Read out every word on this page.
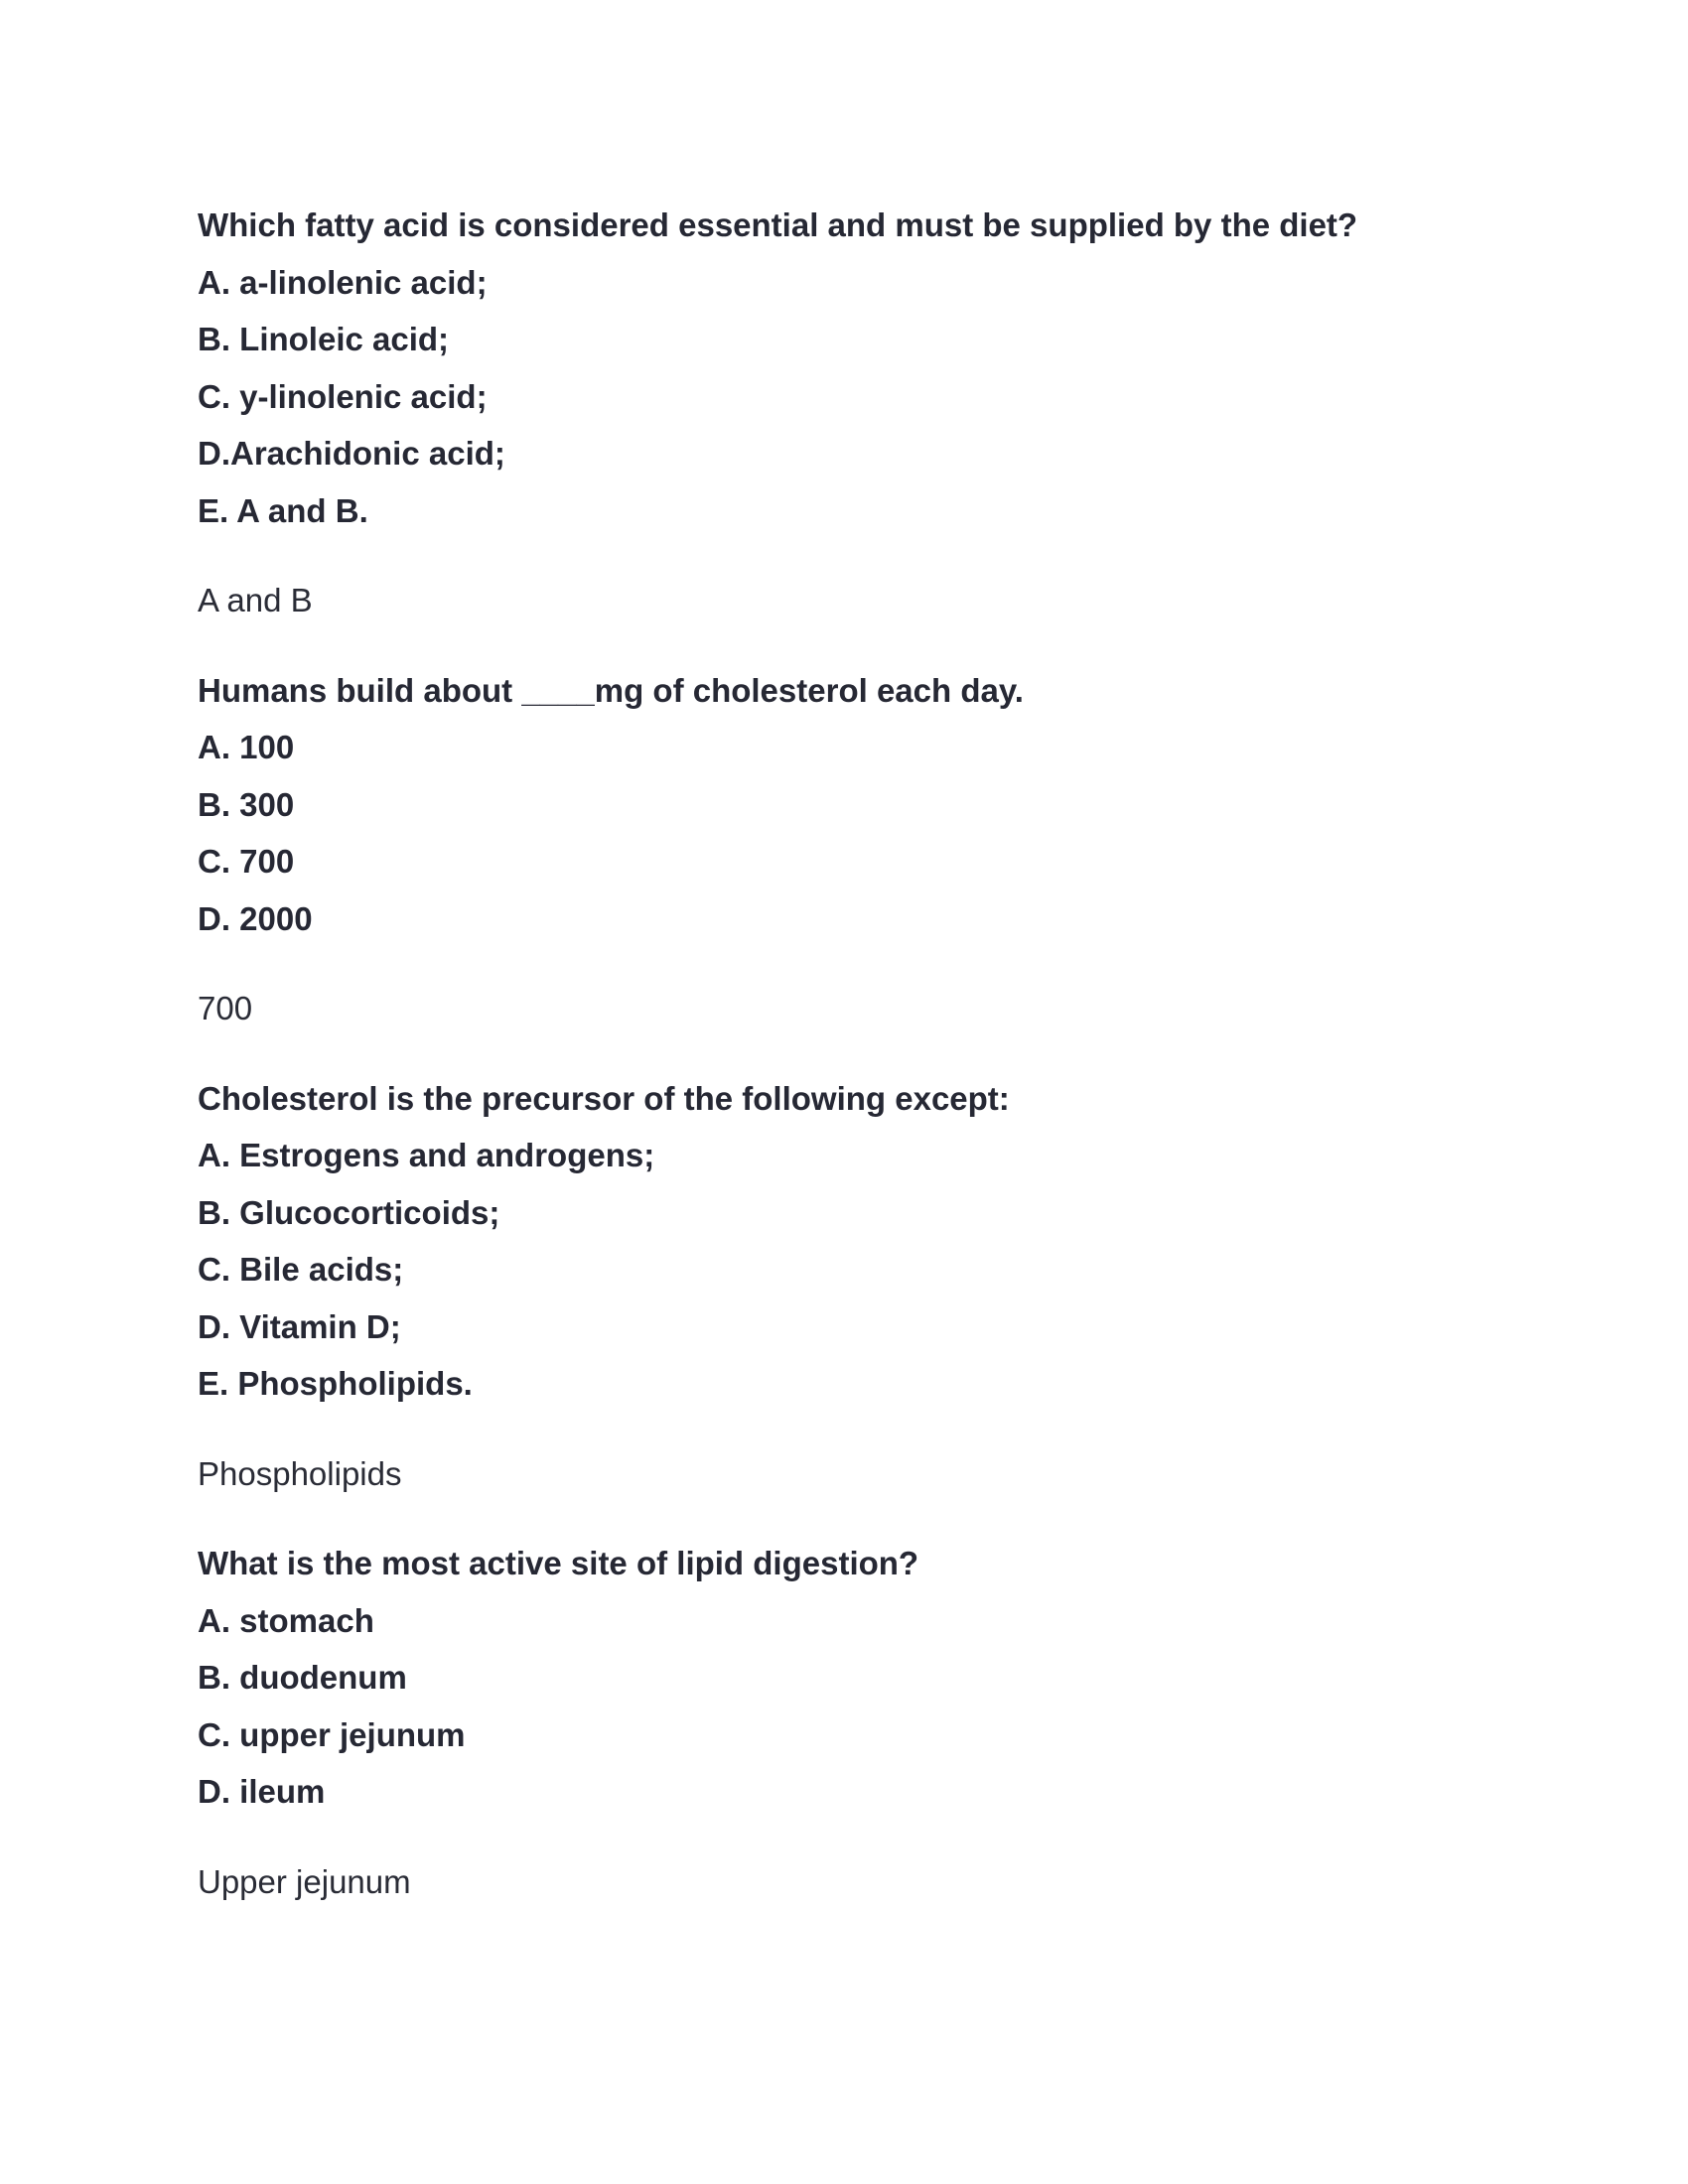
Which fatty acid is considered essential and must be supplied by the diet?
A. a-linolenic acid;
B. Linoleic acid;
C. y-linolenic acid;
D.Arachidonic acid;
E. A and B.
A and B
Humans build about ____mg of cholesterol each day.
A. 100
B. 300
C. 700
D. 2000
700
Cholesterol is the precursor of the following except:
A. Estrogens and androgens;
B. Glucocorticoids;
C. Bile acids;
D. Vitamin D;
E. Phospholipids.
Phospholipids
What is the most active site of lipid digestion?
A. stomach
B. duodenum
C. upper jejunum
D. ileum
Upper jejunum
